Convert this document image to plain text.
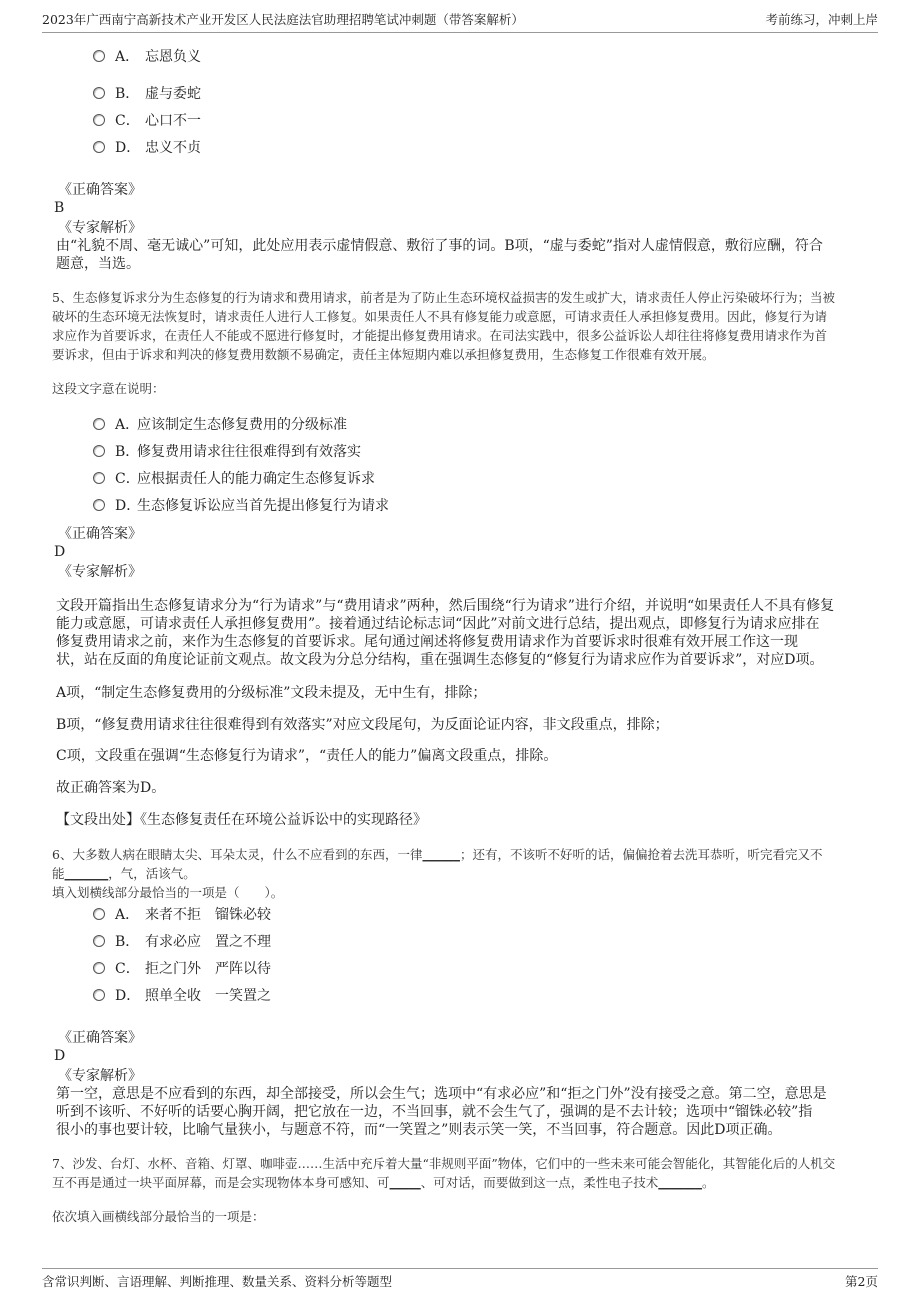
2023年广西南宁高新技术产业开发区人民法庭法官助理招聘笔试冲刺题（带答案解析）	考前练习，冲刺上岸
A． 忘恩负义
B． 虚与委蛇
C． 心口不一
D． 忠义不贞
《正确答案》
B
《专家解析》
由“礼貌不周、毫无诚心”可知，此处应用表示虚情假意、敷衍了事的词。B项，“虚与委蛇”指对人虚情假意，敷衍应酬，符合
题意，当选。
5、生态修复诉求分为生态修复的行为请求和费用请求，前者是为了防止生态环境权益损害的发生或扩大，请求责任人停止污染破坏行为；当被
破坏的生态环境无法恢复时，请求责任人进行人工修复。如果责任人不具有修复能力或意愿，可请求责任人承担修复费用。因此，修复行为请
求应作为首要诉求，在责任人不能或不愿进行修复时，才能提出修复费用请求。在司法实践中，很多公益诉讼人却往往将修复费用请求作为首
要诉求，但由于诉求和判决的修复费用数额不易确定，责任主体短期内难以承担修复费用，生态修复工作很难有效开展。
这段文字意在说明：
A．应该制定生态修复费用的分级标准
B．修复费用请求往往很难得到有效落实
C．应根据责任人的能力确定生态修复诉求
D．生态修复诉讼应当首先提出修复行为请求
《正确答案》
D
《专家解析》
文段开篇指出生态修复请求分为“行为请求”与“费用请求”两种，然后围绕“行为请求”进行介绍，并说明“如果责任人不具有修复
能力或意愿，可请求责任人承担修复费用”。接着通过结论标志词“因此”对前文进行总结，提出观点，即修复行为请求应排在
修复费用请求之前，来作为生态修复的首要诉求。尾句通过阐述将修复费用请求作为首要诉求时很难有效开展工作这一现
状，站在反面的角度论证前文观点。故文段为分总分结构，重在强调生态修复的“修复行为请求应作为首要诉求”，对应D项。
A项，“制定生态修复费用的分级标准”文段未提及，无中生有，排除；
B项，“修复费用请求往往很难得到有效落实”对应文段尾句，为反面论证内容，非文段重点，排除；
C项，文段重在强调“生态修复行为请求”，“责任人的能力”偏离文段重点，排除。
故正确答案为D。
【文段出处】《生态修复责任在环境公益诉讼中的实现路径》
6、大多数人病在眼睛太尖、耳朵太灵，什么不应看到的东西，一律______；还有，不该听不好听的话，偏偏抢着去洗耳恭听，听完看完又不
能_______，气，活该气。
填入划横线部分最恰当的一项是（　　）。
A． 来者不拒　镏铢必较
B． 有求必应　置之不理
C． 拒之门外　严阵以待
D． 照单全收　一笑置之
《正确答案》
D
《专家解析》
第一空，意思是不应看到的东西，却全部接受，所以会生气；选项中“有求必应”和“拒之门外”没有接受之意。第二空，意思是
听到不该听、不好听的话要心胸开阔，把它放在一边，不当回事，就不会生气了，强调的是不去计较；选项中“镏铢必较”指
很小的事也要计较，比喻气量狭小，与题意不符，而“一笑置之”则表示笑一笑，不当回事，符合题意。因此D项正确。
7、沙发、台灯、水杯、音箱、灯罩、咖啡壶……生活中充斥着大量“非规则平面”物体，它们中的一些未来可能会智能化，其智能化后的人机交
互不再是通过一块平面屏幕，而是会实现物体本身可感知、可_____、可对话，而要做到这一点，柔性电子技术_______。
依次填入画横线部分最恰当的一项是：
含常识判断、言语理解、判断推理、数量关系、资料分析等题型	第2页
